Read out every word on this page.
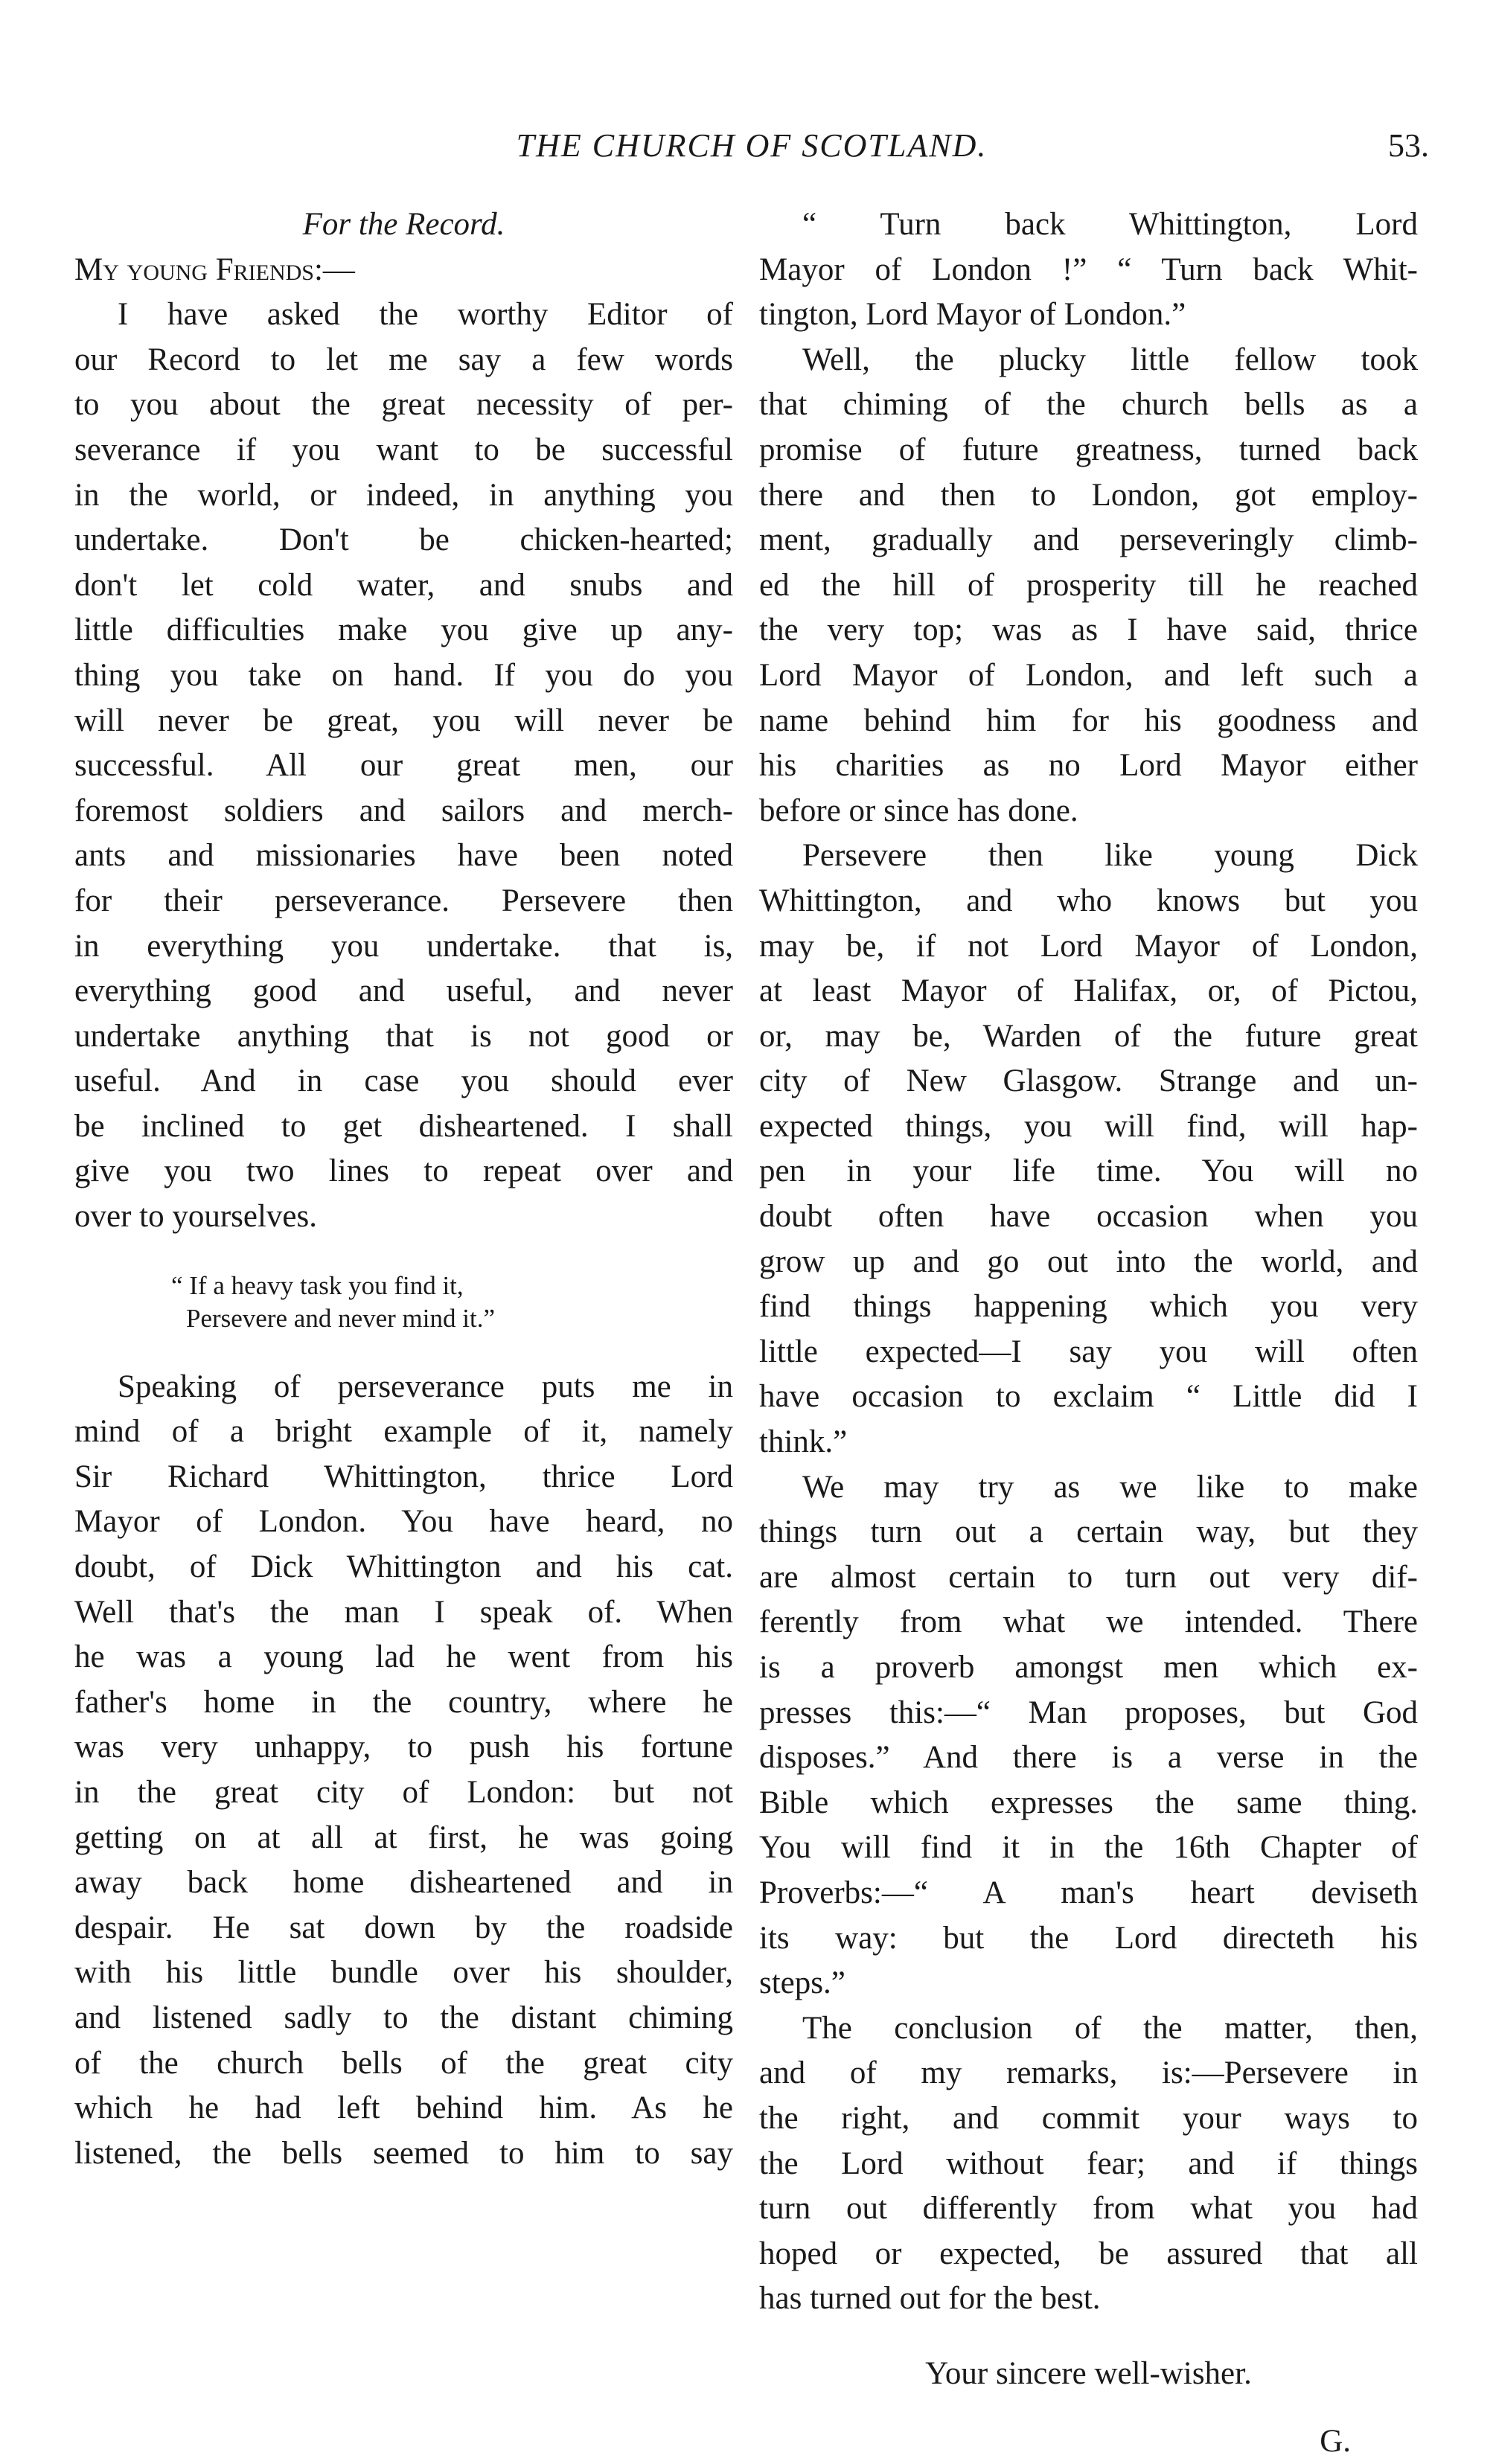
THE CHURCH OF SCOTLAND.	53.
For the Record.
My young Friends:—
I have asked the worthy Editor of
our Record to let me say a few words
to you about the great necessity of per-
severance if you want to be successful
in the world, or indeed, in anything you
undertake. Don't be chicken-hearted;
don't let cold water, and snubs and
little difficulties make you give up any-
thing you take on hand. If you do you
will never be great, you will never be
successful. All our great men, our
foremost soldiers and sailors and merch-
ants and missionaries have been noted
for their perseverance. Persevere then
in everything you undertake. that is,
everything good and useful, and never
undertake anything that is not good or
useful. And in case you should ever
be inclined to get disheartened. I shall
give you two lines to repeat over and
over to yourselves.
“ If a heavy task you find it,
Persevere and never mind it.”
Speaking of perseverance puts me in
mind of a bright example of it, namely
Sir Richard Whittington, thrice Lord
Mayor of London. You have heard, no
doubt, of Dick Whittington and his cat.
Well that's the man I speak of. When
he was a young lad he went from his
father's home in the country, where he
was very unhappy, to push his fortune
in the great city of London: but not
getting on at all at first, he was going
away back home disheartened and in
despair. He sat down by the roadside
with his little bundle over his shoulder,
and listened sadly to the distant chiming
of the church bells of the great city
which he had left behind him. As he
listened, the bells seemed to him to say
“ Turn back Whittington, Lord
Mayor of London !” “ Turn back Whit-
tington, Lord Mayor of London.”
Well, the plucky little fellow took
that chiming of the church bells as a
promise of future greatness, turned back
there and then to London, got employ-
ment, gradually and perseveringly climb-
ed the hill of prosperity till he reached
the very top; was as I have said, thrice
Lord Mayor of London, and left such a
name behind him for his goodness and
his charities as no Lord Mayor either
before or since has done.
Persevere then like young Dick
Whittington, and who knows but you
may be, if not Lord Mayor of London,
at least Mayor of Halifax, or, of Pictou,
or, may be, Warden of the future great
city of New Glasgow. Strange and un-
expected things, you will find, will hap-
pen in your life time. You will no
doubt often have occasion when you
grow up and go out into the world, and
find things happening which you very
little expected—I say you will often
have occasion to exclaim “ Little did I
think.”
We may try as we like to make
things turn out a certain way, but they
are almost certain to turn out very dif-
ferently from what we intended. There
is a proverb amongst men which ex-
presses this:—“ Man proposes, but God
disposes.” And there is a verse in the
Bible which expresses the same thing.
You will find it in the 16th Chapter of
Proverbs:—“ A man's heart deviseth
its way: but the Lord directeth his
steps.”
The conclusion of the matter, then,
and of my remarks, is:—Persevere in
the right, and commit your ways to
the Lord without fear; and if things
turn out differently from what you had
hoped or expected, be assured that all
has turned out for the best.
Your sincere well-wisher.
G.
